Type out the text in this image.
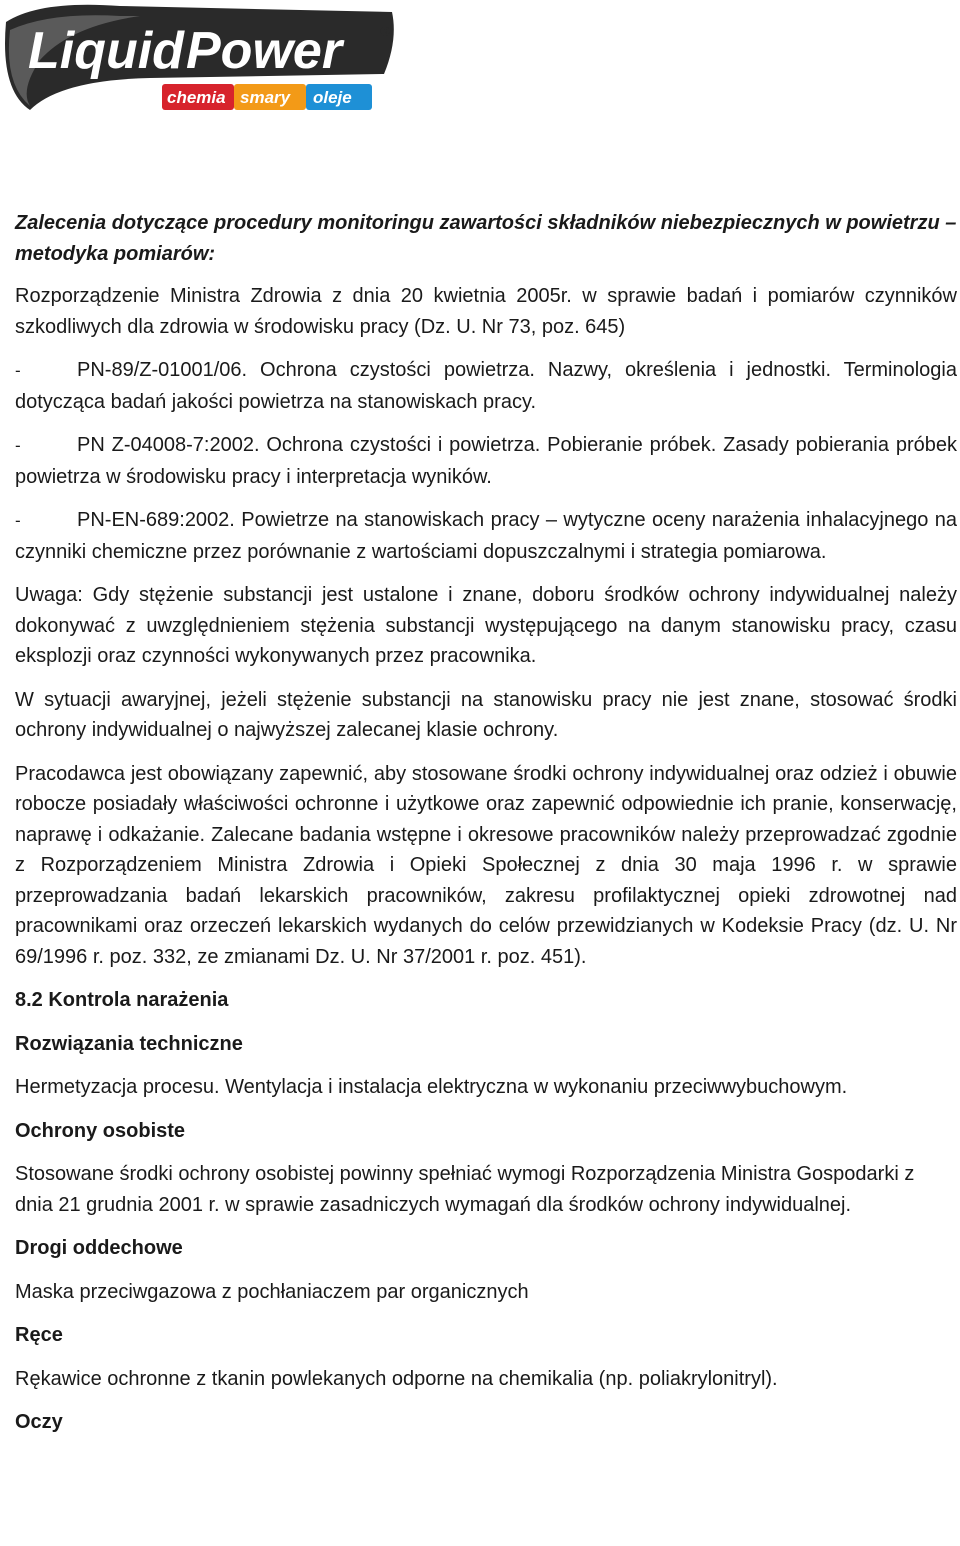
Liquid Power	®
chemia smary oleje

Zalecenia dotyczące procedury monitoringu zawartości składników niebezpiecznych w powietrzu – metodyka pomiarów:

Rozporządzenie Ministra Zdrowia z dnia 20 kwietnia 2005r. w sprawie badań i pomiarów czynników szkodliwych dla zdrowia w środowisku pracy (Dz. U. Nr 73, poz. 645)

-	PN-89/Z-01001/06. Ochrona czystości powietrza. Nazwy, określenia i jednostki. Terminologia dotycząca badań jakości powietrza na stanowiskach pracy.

-	PN Z-04008-7:2002. Ochrona czystości i powietrza. Pobieranie próbek. Zasady pobierania próbek powietrza w środowisku pracy i interpretacja wyników.

-	PN-EN-689:2002. Powietrze na stanowiskach pracy – wytyczne oceny narażenia inhalacyjnego na czynniki chemiczne przez porównanie z wartościami dopuszczalnymi i strategia pomiarowa.

Uwaga: Gdy stężenie substancji jest ustalone i znane, doboru środków ochrony indywidualnej należy dokonywać z uwzględnieniem stężenia substancji występującego na danym stanowisku pracy, czasu eksplozji oraz czynności wykonywanych przez pracownika.

W sytuacji awaryjnej, jeżeli stężenie substancji na stanowisku pracy nie jest znane, stosować środki ochrony indywidualnej o najwyższej zalecanej klasie ochrony.

Pracodawca jest obowiązany zapewnić, aby stosowane środki ochrony indywidualnej oraz odzież i obuwie robocze posiadały właściwości ochronne i użytkowe oraz zapewnić odpowiednie ich pranie, konserwację, naprawę i odkażanie. Zalecane badania wstępne i okresowe pracowników należy przeprowadzać zgodnie z Rozporządzeniem Ministra Zdrowia i Opieki Społecznej z dnia 30 maja 1996 r. w sprawie przeprowadzania badań lekarskich pracowników, zakresu profilaktycznej opieki zdrowotnej nad pracownikami oraz orzeczeń lekarskich wydanych do celów przewidzianych w Kodeksie Pracy (dz. U. Nr 69/1996 r. poz. 332, ze zmianami Dz. U. Nr 37/2001 r. poz. 451).

8.2 Kontrola narażenia

Rozwiązania techniczne

Hermetyzacja procesu. Wentylacja i instalacja elektryczna w wykonaniu przeciwwybuchowym.

Ochrony osobiste

Stosowane środki ochrony osobistej powinny spełniać wymogi Rozporządzenia Ministra Gospodarki z dnia 21 grudnia 2001 r. w sprawie zasadniczych wymagań dla środków ochrony indywidualnej.

Drogi oddechowe

Maska przeciwgazowa z pochłaniaczem par organicznych

Ręce

Rękawice ochronne z tkanin powlekanych odporne na chemikalia (np. poliakrylonitryl).

Oczy
